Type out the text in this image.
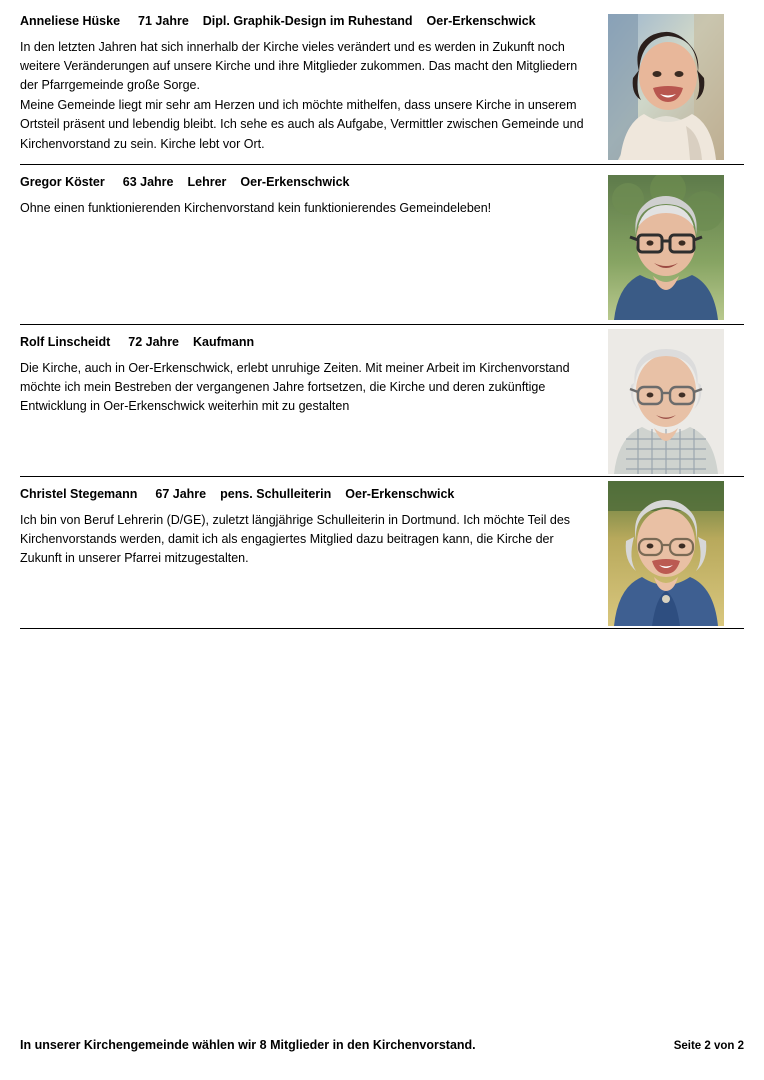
Anneliese Hüske 71 Jahre Dipl. Graphik-Design im Ruhestand Oer-Erkenschwick

In den letzten Jahren hat sich innerhalb der Kirche vieles verändert und es werden in Zukunft noch weitere Veränderungen auf unsere Kirche und ihre Mitglieder zukommen. Das macht den Mitgliedern der Pfarrgemeinde große Sorge.

Meine Gemeinde liegt mir sehr am Herzen und ich möchte mithelfen, dass unsere Kirche in unserem Ortsteil präsent und lebendig bleibt. Ich sehe es auch als Aufgabe, Vermittler zwischen Gemeinde und Kirchenvorstand zu sein. Kirche lebt vor Ort.

Gregor Köster 63 Jahre Lehrer Oer-Erkenschwick

Ohne einen funktionierenden Kirchenvorstand kein funktionierendes Gemeindeleben!

Rolf Linscheidt 72 Jahre Kaufmann

Die Kirche, auch in Oer-Erkenschwick, erlebt unruhige Zeiten. Mit meiner Arbeit im Kirchenvorstand möchte ich mein Bestreben der vergangenen Jahre fortsetzen, die Kirche und deren zukünftige Entwicklung in Oer-Erkenschwick weiterhin mit zu gestalten

Christel Stegemann 67 Jahre pens. Schulleiterin Oer-Erkenschwick

Ich bin von Beruf Lehrerin (D/GE), zuletzt längjährige Schulleiterin in Dortmund. Ich möchte Teil des Kirchenvorstands werden, damit ich als engagiertes Mitglied dazu beitragen kann, die Kirche der Zukunft in unserer Pfarrei mitzugestalten.

In unserer Kirchengemeinde wählen wir 8 Mitglieder in den Kirchenvorstand.	Seite 2 von 2
